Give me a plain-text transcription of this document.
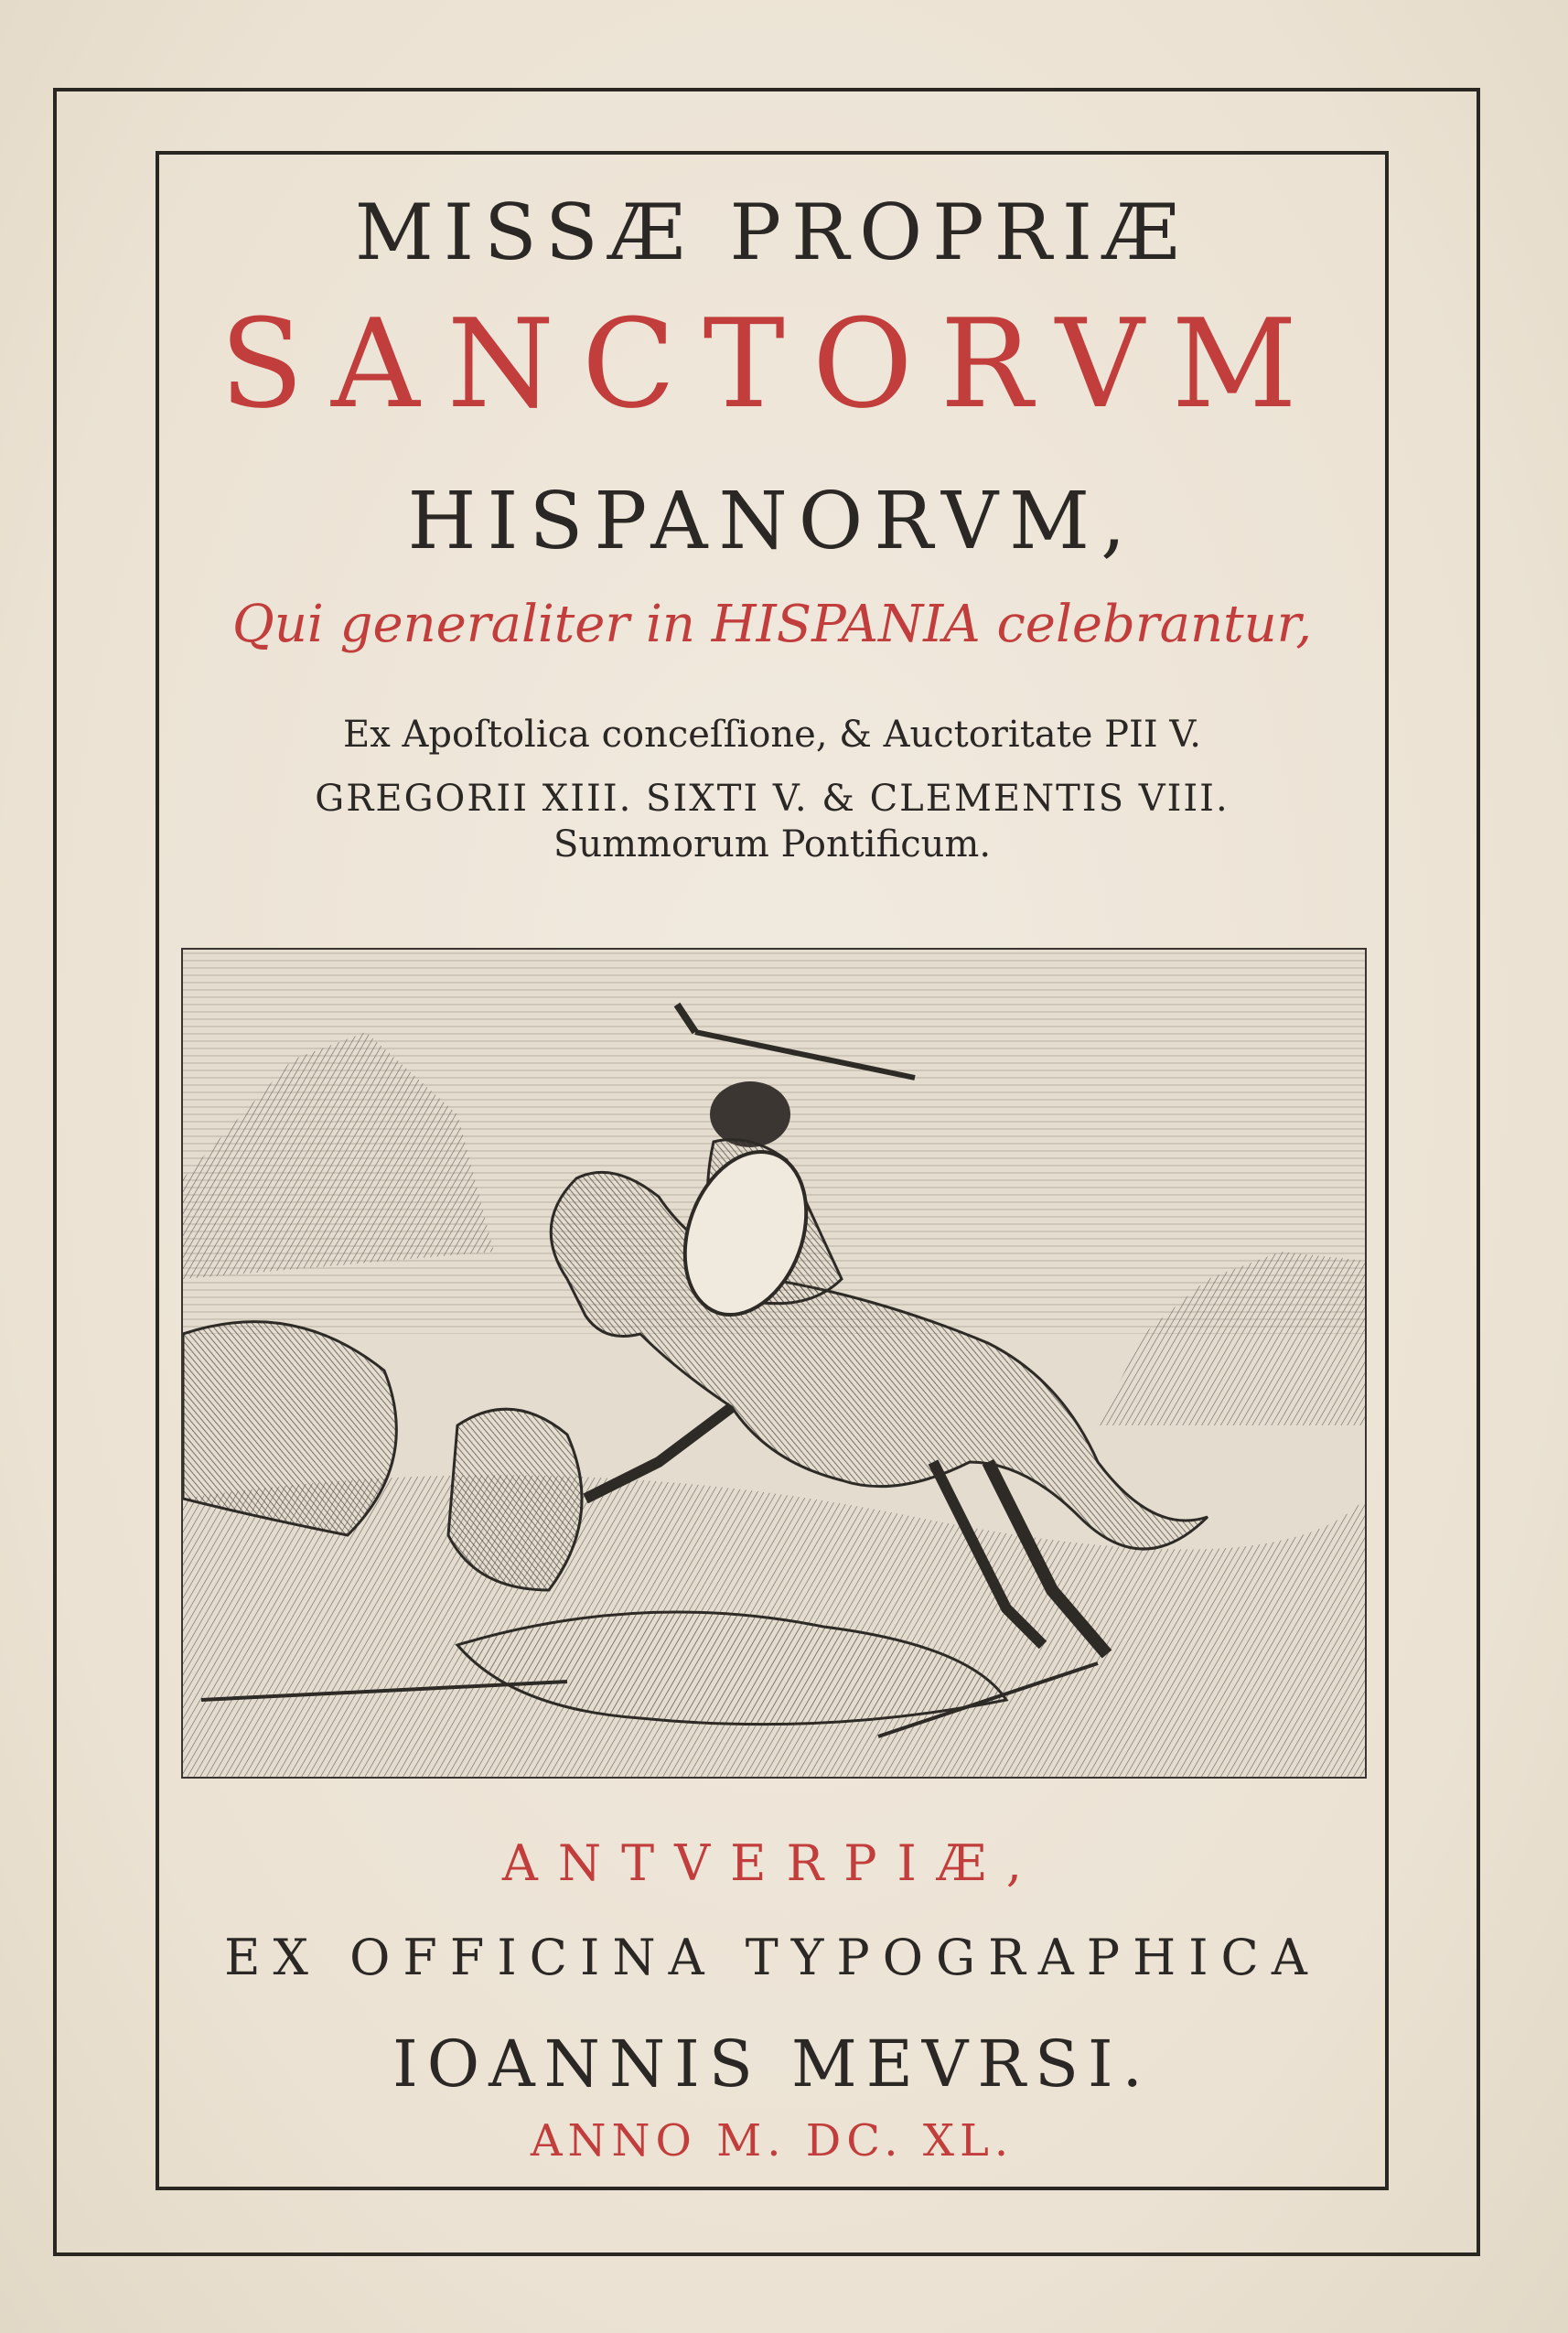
MISSÆ PROPRIÆ
SANCTORVM
HISPANORVM,
Qui generaliter in HISPANIA celebrantur,
Ex Apoſtolica conceſſione, & Auctoritate PII V.
GREGORII XIII. SIXTI V. & CLEMENTIS VIII.
Summorum Pontificum.
ANTVERPIÆ,
EX OFFICINA TYPOGRAPHICA
IOANNIS MEVRSI.
ANNO M. DC. XL.
